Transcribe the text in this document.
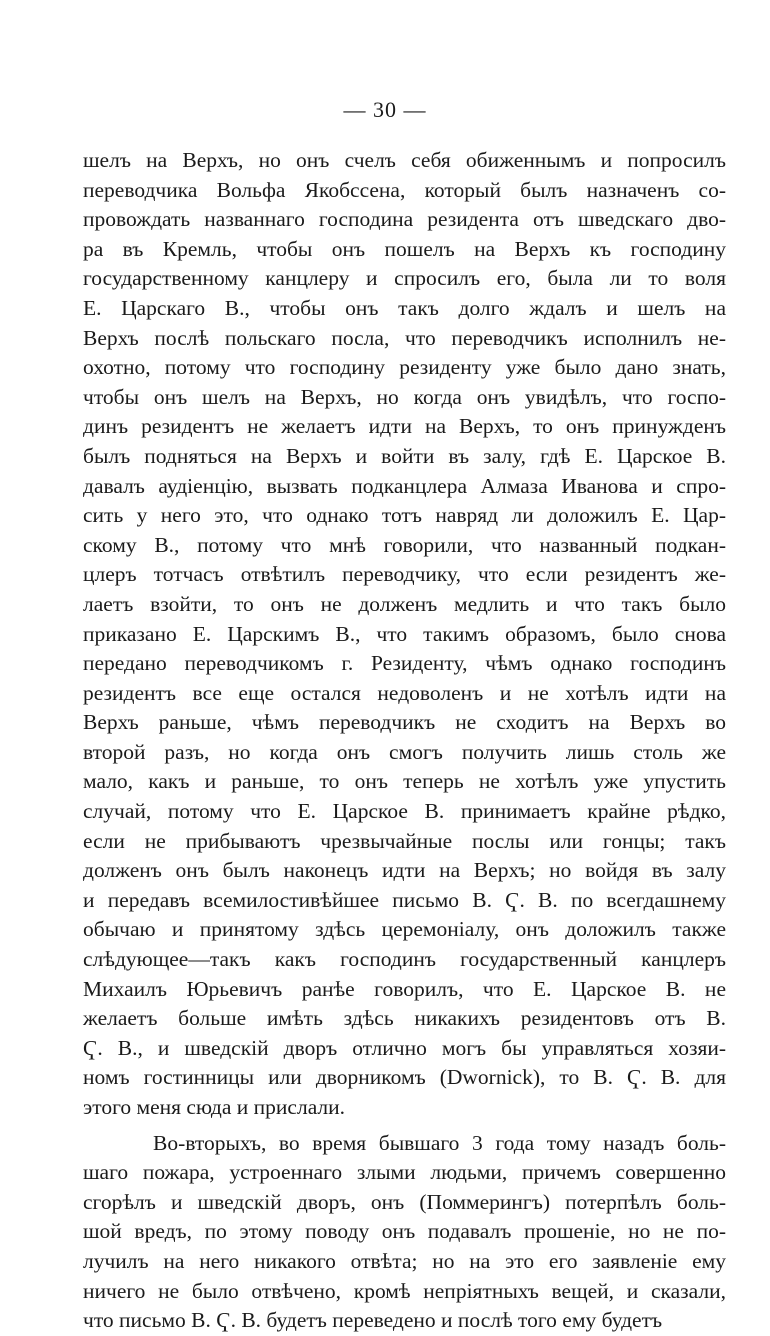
— 30 —
шелъ на Верхъ, но онъ счелъ себя обиженнымъ и попросилъ
переводчика Вольфа Якобссена, который былъ назначенъ со-
провождать названнаго господина резидента отъ шведскаго дво-
ра въ Кремль, чтобы онъ пошелъ на Верхъ къ господину
государственному канцлеру и спросилъ его, была ли то воля
Е. Царскаго В., чтобы онъ такъ долго ждалъ и шелъ на
Верхъ послѣ польскаго посла, что переводчикъ исполнилъ не-
охотно, потому что господину резиденту уже было дано знать,
чтобы онъ шелъ на Верхъ, но когда онъ увидѣлъ, что госпо-
динъ резидентъ не желаетъ идти на Верхъ, то онъ принужденъ
былъ подняться на Верхъ и войти въ залу, гдѣ Е. Царское В.
давалъ аудіенцію, вызвать подканцлера Алмаза Иванова и спро-
сить у него это, что однако тотъ навряд ли доложилъ Е. Цар-
скому В., потому что мнѣ говорили, что названный подкан-
цлеръ тотчасъ отвѣтилъ переводчику, что если резидентъ же-
лаетъ взойти, то онъ не долженъ медлить и что такъ было
приказано Е. Царскимъ В., что такимъ образомъ, было снова
передано переводчикомъ г. Резиденту, чѣмъ однако господинъ
резидентъ все еще остался недоволенъ и не хотѣлъ идти на
Верхъ раньше, чѣмъ переводчикъ не сходитъ на Верхъ во
второй разъ, но когда онъ смогъ получить лишь столь же
мало, какъ и раньше, то онъ теперь не хотѣлъ уже упустить
случай, потому что Е. Царское В. принимаетъ крайне рѣдко,
если не прибываютъ чрезвычайные послы или гонцы; такъ
долженъ онъ былъ наконецъ идти на Верхъ; но войдя въ залу
и передавъ всемилостивѣйшее письмо В. Ҁ. В. по всегдашнему
обычаю и принятому здѣсь церемоніалу, онъ доложилъ также
слѣдующее—такъ какъ господинъ государственный канцлеръ
Михаилъ Юрьевичъ ранѣе говорилъ, что Е. Царское В. не
желаетъ больше имѣть здѣсь никакихъ резидентовъ отъ В.
Ҁ. В., и шведскій дворъ отлично могъ бы управляться хозяи-
номъ гостинницы или дворникомъ (Dwornick), то В. Ҁ. В. для
этого меня сюда и прислали.
Во-вторыхъ, во время бывшаго 3 года тому назадъ боль-
шаго пожара, устроеннаго злыми людьми, причемъ совершенно
сгорѣлъ и шведскій дворъ, онъ (Поммерингъ) потерпѣлъ боль-
шой вредъ, по этому поводу онъ подавалъ прошеніе, но не по-
лучилъ на него никакого отвѣта; но на это его заявленіе ему
ничего не было отвѣчено, кромѣ непріятныхъ вещей, и сказали,
что письмо В. Ҁ. В. будетъ переведено и послѣ того ему будетъ
